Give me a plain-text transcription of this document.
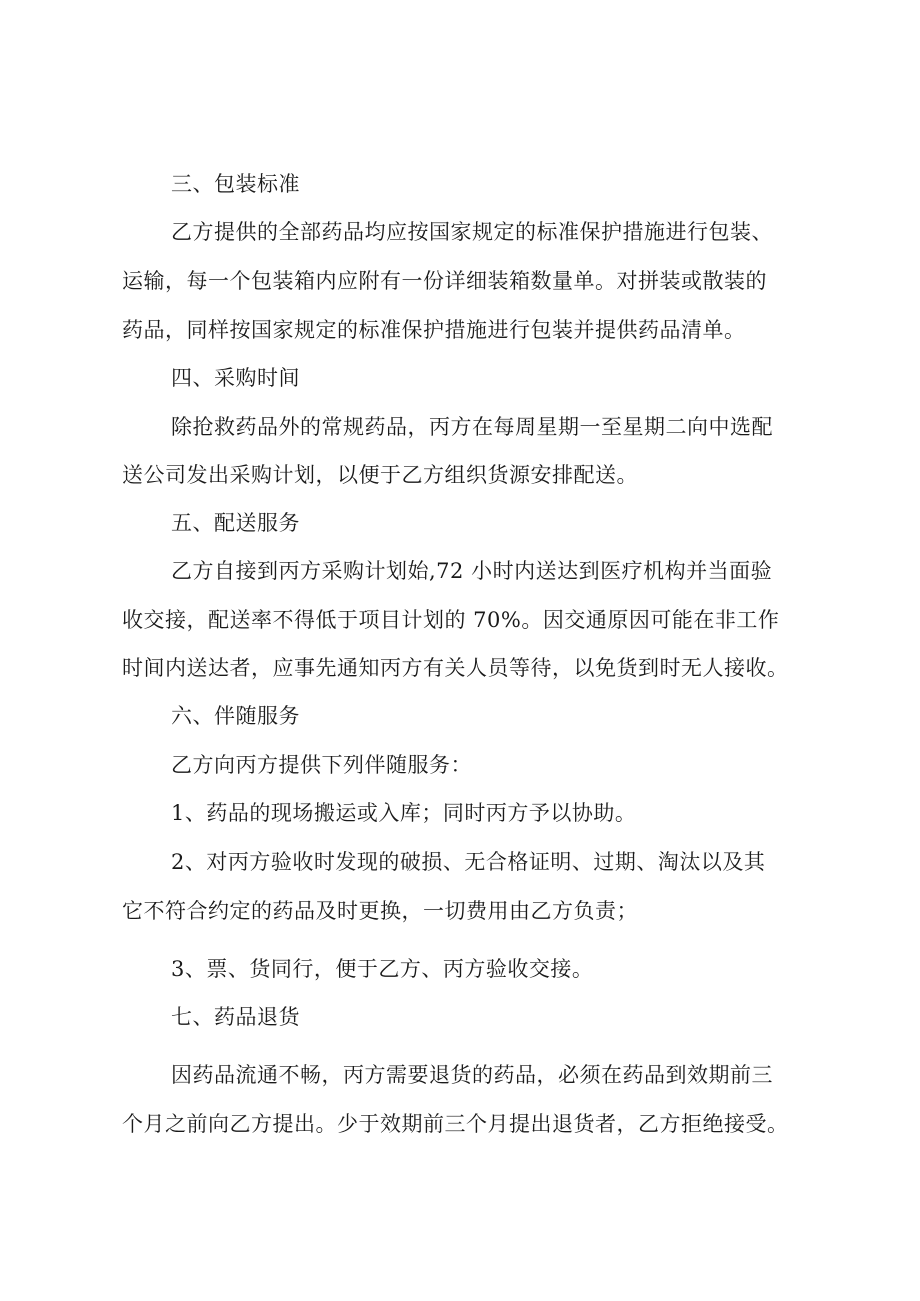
三、包装标准
乙方提供的全部药品均应按国家规定的标准保护措施进行包装、
运输，每一个包装箱内应附有一份详细装箱数量单。对拼装或散装的
药品，同样按国家规定的标准保护措施进行包装并提供药品清单。
四、采购时间
除抢救药品外的常规药品，丙方在每周星期一至星期二向中选配
送公司发出采购计划，以便于乙方组织货源安排配送。
五、配送服务
乙方自接到丙方采购计划始,72 小时内送达到医疗机构并当面验
收交接，配送率不得低于项目计划的 70%。因交通原因可能在非工作
时间内送达者，应事先通知丙方有关人员等待，以免货到时无人接收。
六、伴随服务
乙方向丙方提供下列伴随服务：
1、药品的现场搬运或入库；同时丙方予以协助。
2、对丙方验收时发现的破损、无合格证明、过期、淘汰以及其
它不符合约定的药品及时更换，一切费用由乙方负责；
3、票、货同行，便于乙方、丙方验收交接。
七、药品退货
因药品流通不畅，丙方需要退货的药品，必须在药品到效期前三
个月之前向乙方提出。少于效期前三个月提出退货者，乙方拒绝接受。
